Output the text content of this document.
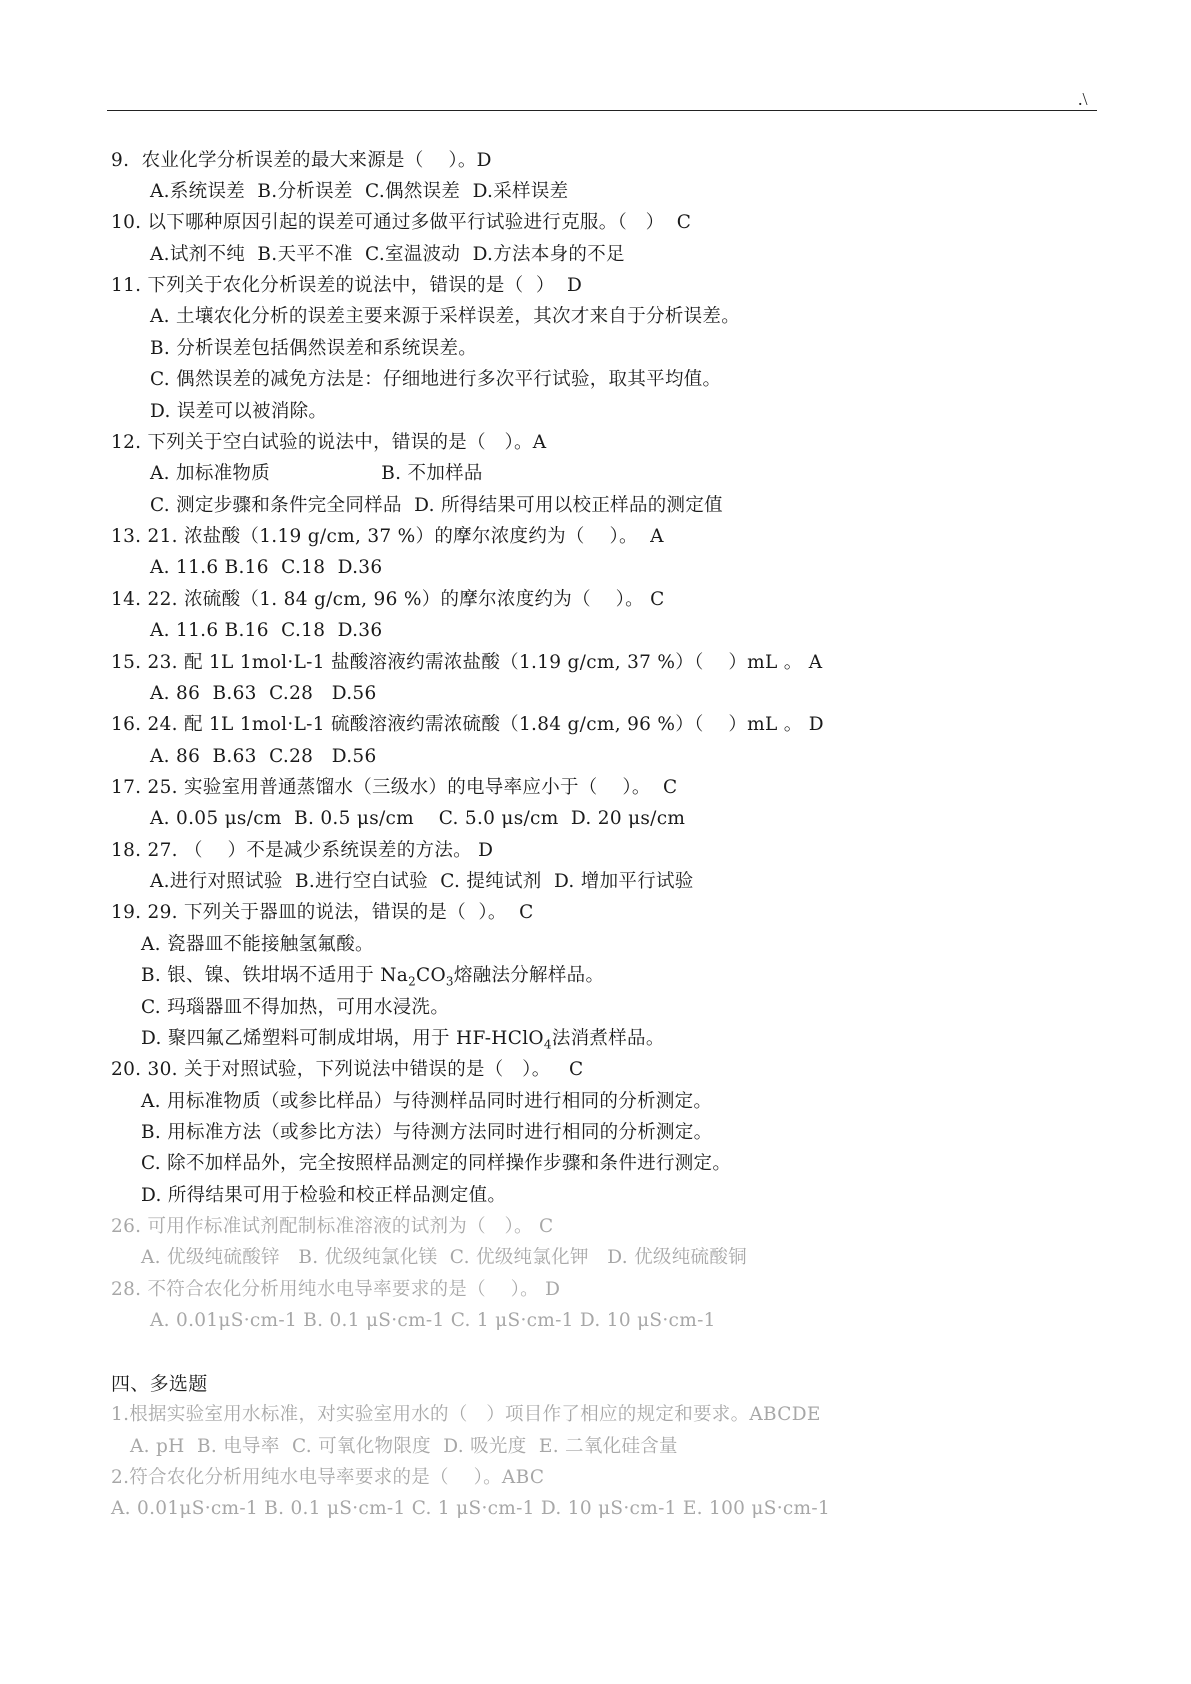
.\
9.  农业化学分析误差的最大来源是（    ）。D
A.系统误差  B.分析误差  C.偶然误差  D.采样误差
10. 以下哪种原因引起的误差可通过多做平行试验进行克服。（   ）  C
A.试剂不纯  B.天平不准  C.室温波动  D.方法本身的不足
11. 下列关于农化分析误差的说法中，错误的是（  ）  D
A. 土壤农化分析的误差主要来源于采样误差，其次才来自于分析误差。
B. 分析误差包括偶然误差和系统误差。
C. 偶然误差的减免方法是：仔细地进行多次平行试验，取其平均值。
D. 误差可以被消除。
12. 下列关于空白试验的说法中，错误的是（   ）。A
A. 加标准物质                  B. 不加样品
C. 测定步骤和条件完全同样品  D. 所得结果可用以校正样品的测定值
13. 21. 浓盐酸（1.19 g/cm, 37 %）的摩尔浓度约为（    ）。  A
A. 11.6 B.16  C.18  D.36
14. 22. 浓硫酸（1. 84 g/cm, 96 %）的摩尔浓度约为（    ）。 C
A. 11.6 B.16  C.18  D.36
15. 23. 配 1L 1mol·L-1 盐酸溶液约需浓盐酸（1.19 g/cm, 37 %）（    ）mL 。 A
A. 86  B.63  C.28   D.56
16. 24. 配 1L 1mol·L-1 硫酸溶液约需浓硫酸（1.84 g/cm, 96 %）（    ）mL 。 D
A. 86  B.63  C.28   D.56
17. 25. 实验室用普通蒸馏水（三级水）的电导率应小于（    ）。  C
A. 0.05 μs/cm  B. 0.5 μs/cm    C. 5.0 μs/cm  D. 20 μs/cm
18. 27. （    ）不是减少系统误差的方法。 D
A.进行对照试验  B.进行空白试验  C. 提纯试剂  D. 增加平行试验
19. 29. 下列关于器皿的说法，错误的是（  ）。  C
A. 瓷器皿不能接触氢氟酸。
B. 银、镍、铁坩埚不适用于 $Na_2CO_3$熔融法分解样品。
C. 玛瑙器皿不得加热，可用水浸洗。
D. 聚四氟乙烯塑料可制成坩埚，用于 HF-HClO$_4$法消煮样品。
20. 30. 关于对照试验，下列说法中错误的是（   ）。   C
A. 用标准物质（或参比样品）与待测样品同时进行相同的分析测定。
B. 用标准方法（或参比方法）与待测方法同时进行相同的分析测定。
C. 除不加样品外，完全按照样品测定的同样操作步骤和条件进行测定。
D. 所得结果可用于检验和校正样品测定值。
26. 可用作标准试剂配制标准溶液的试剂为（   ）。 C
A. 优级纯硫酸锌   B. 优级纯氯化镁  C. 优级纯氯化钾   D. 优级纯硫酸铜
28. 不符合农化分析用纯水电导率要求的是（    ）。 D
A. 0.01μS·cm-1 B. 0.1 μS·cm-1 C. 1 μS·cm-1 D. 10 μS·cm-1
四、多选题
1.根据实验室用水标准，对实验室用水的（   ）项目作了相应的规定和要求。ABCDE
A. pH  B. 电导率  C. 可氧化物限度  D. 吸光度  E. 二氧化硅含量
2.符合农化分析用纯水电导率要求的是（    ）。ABC
A. 0.01μS·cm-1 B. 0.1 μS·cm-1 C. 1 μS·cm-1 D. 10 μS·cm-1 E. 100 μS·cm-1
